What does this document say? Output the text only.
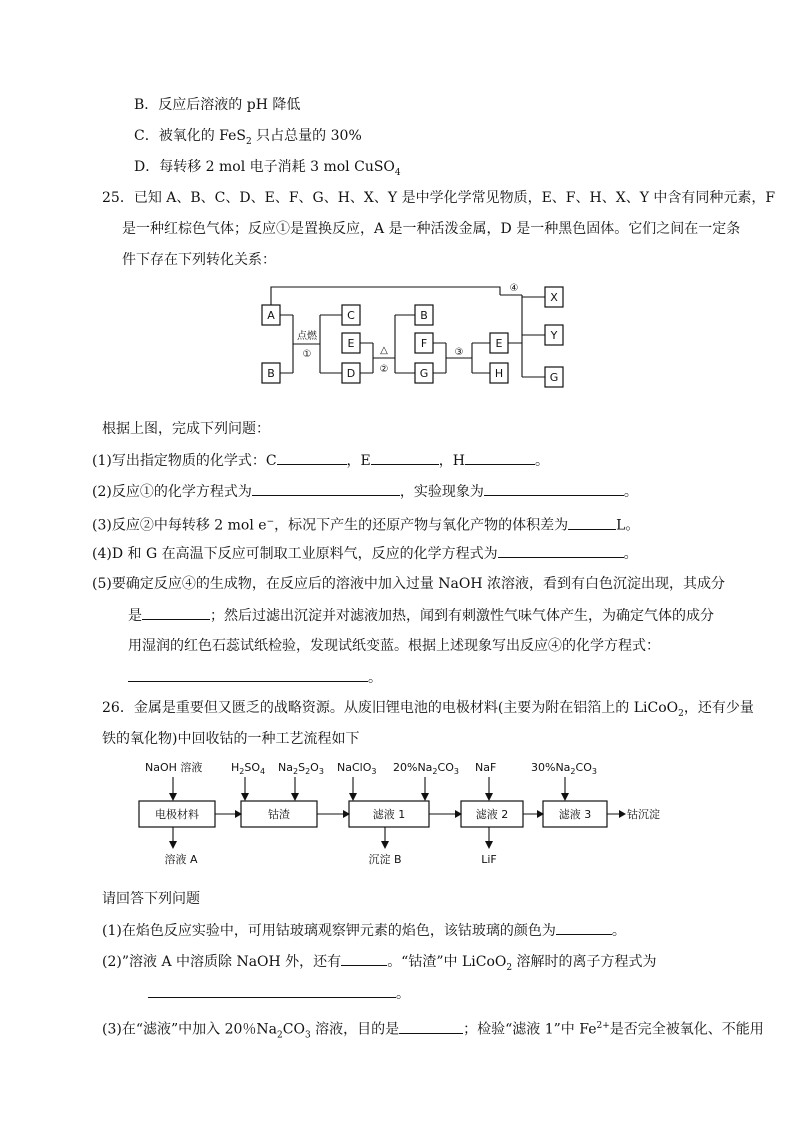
B．反应后溶液的 pH 降低
C．被氧化的 FeS$_2$ 只占总量的 30%
D．每转移 2 mol 电子消耗 3 mol CuSO$_4$
25．已知 A、B、C、D、E、F、G、H、X、Y 是中学化学常见物质，E、F、H、X、Y 中含有同种元素，F
是一种红棕色气体；反应①是置换反应，A 是一种活泼金属，D 是一种黑色固体。它们之间在一定条
件下存在下列转化关系：
A
B
C
E
D
B
F
G
E
H
X
Y
G
点燃
①	△
②
③
④
根据上图，完成下列问题：
(1)写出指定物质的化学式：C	，E	，H	。
(2)反应①的化学方程式为	，实验现象为	。
(3)反应②中每转移 2 mol e−，标况下产生的还原产物与氧化产物的体积差为	L。
(4)D 和 G 在高温下反应可制取工业原料气，反应的化学方程式为	。
(5)要确定反应④的生成物，在反应后的溶液中加入过量 NaOH 浓溶液，看到有白色沉淀出现，其成分
是	；然后过滤出沉淀并对滤液加热，闻到有刺激性气味气体产生，为确定气体的成分
用湿润的红色石蕊试纸检验，发现试纸变蓝。根据上述现象写出反应④的化学方程式：
。
26．金属是重要但又匮乏的战略资源。从废旧锂电池的电极材料(主要为附在铝箔上的 LiCoO$_2$，还有少量
铁的氧化物)中回收钴的一种工艺流程如下
NaOH 溶液	$H_2SO_4$ $Na_2S_2O_3$ NaClO$_3$ $20\%Na_2CO_3$ NaF	$30\%Na_2CO_3$
电极材料	钴渣	滤液 1	滤液 2	滤液 3
溶液 A	沉淀 B	LiF
钴沉淀
请回答下列问题
(1)在焰色反应实验中，可用钴玻璃观察钾元素的焰色，该钴玻璃的颜色为	。
(2)”溶液 A 中溶质除 NaOH 外，还有	。“钴渣”中 LiCoO$_2$ 溶解时的离子方程式为
。
(3)在“滤液”中加入 20％$Na_2CO_3$ 溶液，目的是	；检验“滤液 1”中 $Fe^{2+}$是否完全被氧化、不能用
